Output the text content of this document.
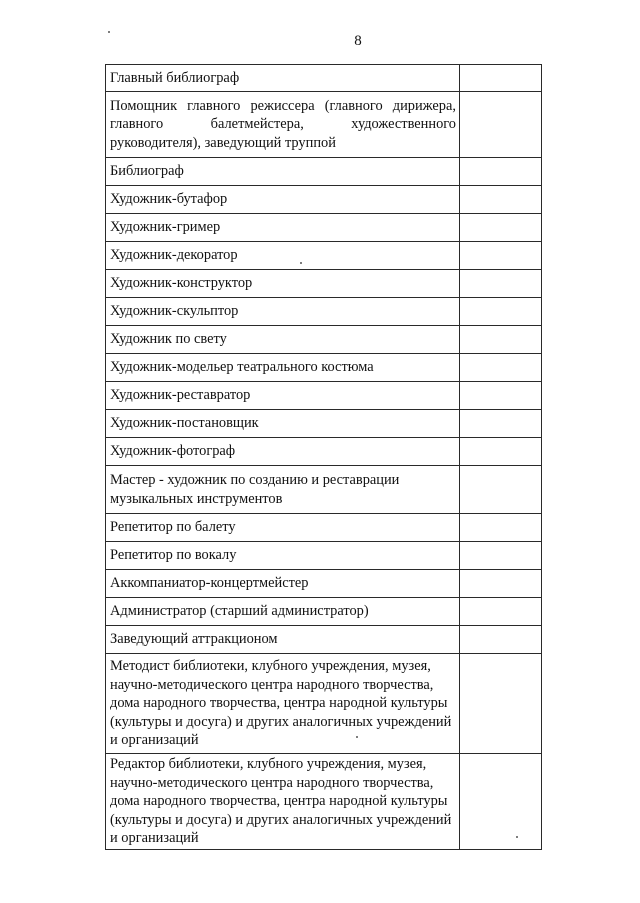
8
Главный библиограф	
Помощник главного режиссера (главного дирижера, главного балетмейстера, художественного руководителя), заведующий труппой	
Библиограф	
Художник-бутафор	
Художник-гример	
Художник-декоратор	
Художник-конструктор	
Художник-скульптор	
Художник по свету	
Художник-модельер театрального костюма	
Художник-реставратор	
Художник-постановщик	
Художник-фотограф	
Мастер - художник по созданию и реставрации музыкальных инструментов	
Репетитор по балету	
Репетитор по вокалу	
Аккомпаниатор-концертмейстер	
Администратор (старший администратор)	
Заведующий аттракционом	
Методист библиотеки, клубного учреждения, музея, научно-методического центра народного творчества, дома народного творчества, центра народной культуры (культуры и досуга) и других аналогичных учреждений и организаций	
Редактор библиотеки, клубного учреждения, музея, научно-методического центра народного творчества, дома народного творчества, центра народной культуры (культуры и досуга) и других аналогичных учреждений и организаций	
